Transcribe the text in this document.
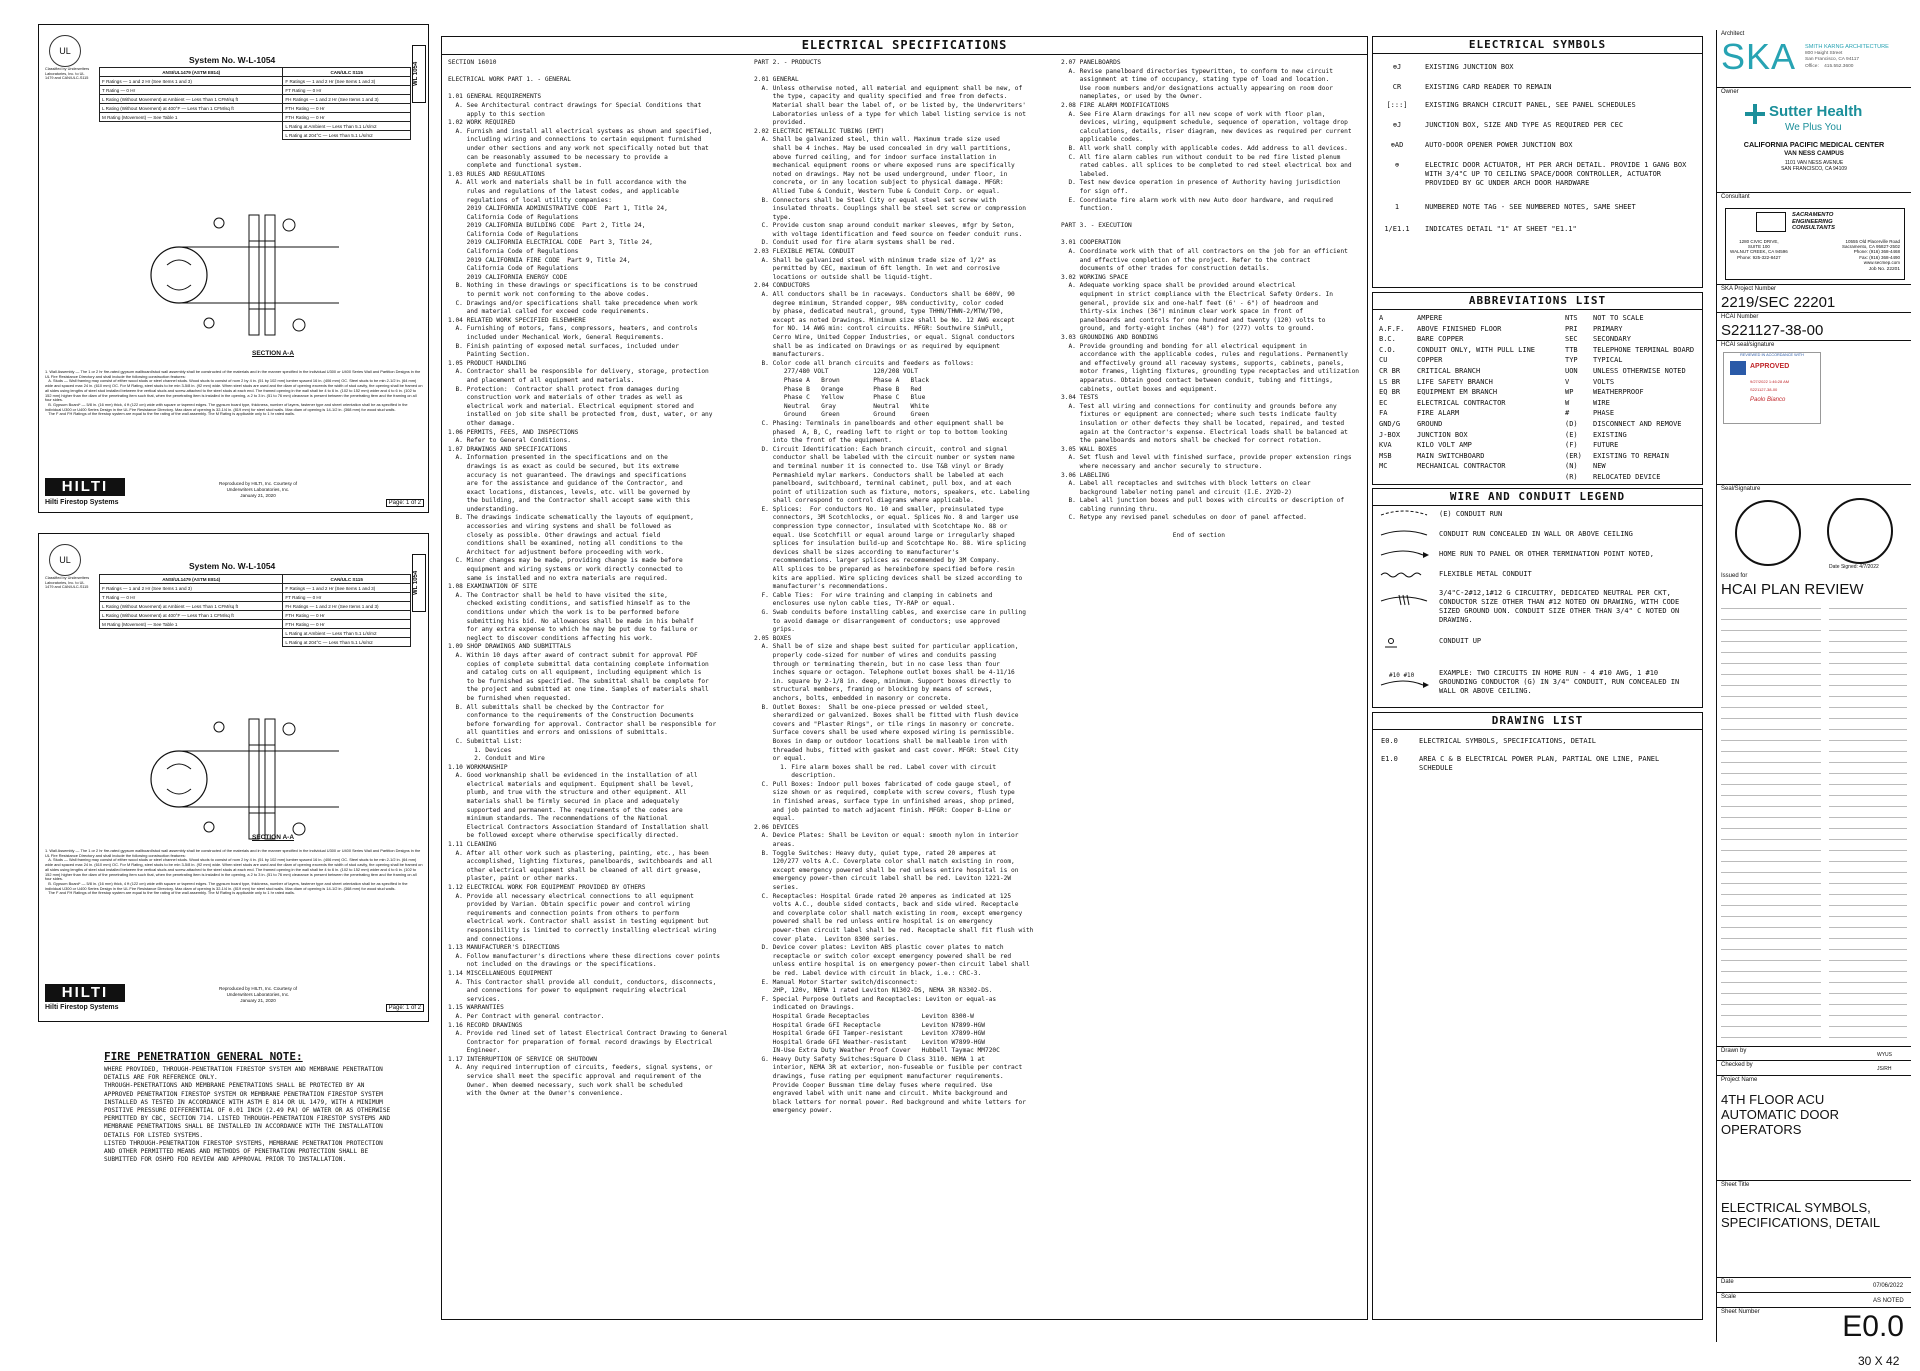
UL
Classified by Underwriters Laboratories, Inc. to UL 1479 and CAN/ULC-S115
System No. W-L-1054
WL 1054
ANSI/UL1479 (ASTM E814)	CAN/ULC S115
F Ratings — 1 and 2 Hr (See Items 1 and 3)	F Ratings — 1 and 2 Hr (See Items 1 and 3)
T Rating — 0 Hr	FT Rating — 0 Hr
L Rating (Without Movement) at Ambient — Less Than 1 CFM/sq ft	FH Ratings — 1 and 2 Hr (See Items 1 and 3)
L Rating (Without Movement) at 400°F — Less Than 1 CFM/sq ft	FTH Rating — 0 Hr
M Rating (Movement) — See Table 1	FTH Rating — 0 Hr
	L Rating at Ambient — Less Than 5.1 L/s/m2
	L Rating at 204°C — Less Than 5.1 L/s/m2
SECTION A-A
1. Wall Assembly — The 1 or 2 hr fire-rated gypsum wallboard/stud wall assembly shall be constructed of the materials and in the manner specified in the individual U300 or U400 Series Wall and Partition Designs in the UL Fire Resistance Directory and shall include the following construction features:
A. Studs — Wall framing may consist of either wood studs or steel channel studs. Wood studs to consist of nom 2 by 4 in. (51 by 102 mm) lumber spaced 16 in. (406 mm) OC. Steel studs to be min 2-1/2 in. (64 mm) wide and spaced max 24 in. (610 mm) OC. For M Rating, steel studs to be min 3-5/8 in. (92 mm) wide. When steel studs are used and the diam of opening exceeds the width of stud cavity, the opening shall be framed on all sides using lengths of steel stud installed between the vertical studs and screw-attached to the steel studs at each end. The framed opening in the wall shall be 4 to 6 in. (102 to 152 mm) wider and 4 to 6 in. (102 to 152 mm) higher than the diam of the penetrating item such that, when the penetrating item is installed in the opening, a 2 to 3 in. (51 to 76 mm) clearance is present between the penetrating item and the framing on all four sides.
B. Gypsum Board* — 5/8 in. (16 mm) thick, 4 ft (122 cm) wide with square or tapered edges. The gypsum board type, thickness, number of layers, fastener type and sheet orientation shall be as specified in the individual U300 or U400 Series Design in the UL Fire Resistance Directory. Max diam of opening is 32-1/4 in. (819 mm) for steel stud walls. Max diam of opening is 14-1/2 in. (368 mm) for wood stud walls.
The F and FH Ratings of the firestop system are equal to the fire rating of the wall assembly. The M Rating is applicable only to 1 hr rated walls.
HILTI
Hilti Firestop Systems
Reproduced by HILTI, Inc. Courtesy of
Underwriters Laboratories, Inc.
January 21, 2020
Page: 1 of 2
UL
Classified by Underwriters Laboratories, Inc. to UL 1479 and CAN/ULC-S115
System No. W-L-1054
WL 1054
ANSI/UL1479 (ASTM E814)	CAN/ULC S115
F Ratings — 1 and 2 Hr (See Items 1 and 3)	F Ratings — 1 and 2 Hr (See Items 1 and 3)
T Rating — 0 Hr	FT Rating — 0 Hr
L Rating (Without Movement) at Ambient — Less Than 1 CFM/sq ft	FH Ratings — 1 and 2 Hr (See Items 1 and 3)
L Rating (Without Movement) at 400°F — Less Than 1 CFM/sq ft	FTH Rating — 0 Hr
M Rating (Movement) — See Table 1	FTH Rating — 0 Hr
	L Rating at Ambient — Less Than 5.1 L/s/m2
	L Rating at 204°C — Less Than 5.1 L/s/m2
SECTION A-A
1. Wall Assembly — The 1 or 2 hr fire-rated gypsum wallboard/stud wall assembly shall be constructed of the materials and in the manner specified in the individual U300 or U400 Series Wall and Partition Designs in the UL Fire Resistance Directory and shall include the following construction features:
A. Studs — Wall framing may consist of either wood studs or steel channel studs. Wood studs to consist of nom 2 by 4 in. (51 by 102 mm) lumber spaced 16 in. (406 mm) OC. Steel studs to be min 2-1/2 in. (64 mm) wide and spaced max 24 in. (610 mm) OC. For M Rating, steel studs to be min 3-5/8 in. (92 mm) wide. When steel studs are used and the diam of opening exceeds the width of stud cavity, the opening shall be framed on all sides using lengths of steel stud installed between the vertical studs and screw-attached to the steel studs at each end. The framed opening in the wall shall be 4 to 6 in. (102 to 152 mm) wider and 4 to 6 in. (102 to 152 mm) higher than the diam of the penetrating item such that, when the penetrating item is installed in the opening, a 2 to 3 in. (51 to 76 mm) clearance is present between the penetrating item and the framing on all four sides.
B. Gypsum Board* — 5/8 in. (16 mm) thick, 4 ft (122 cm) wide with square or tapered edges. The gypsum board type, thickness, number of layers, fastener type and sheet orientation shall be as specified in the individual U300 or U400 Series Design in the UL Fire Resistance Directory. Max diam of opening is 32-1/4 in. (819 mm) for steel stud walls. Max diam of opening is 14-1/2 in. (368 mm) for wood stud walls.
The F and FH Ratings of the firestop system are equal to the fire rating of the wall assembly. The M Rating is applicable only to 1 hr rated walls.
HILTI
Hilti Firestop Systems
Reproduced by HILTI, Inc. Courtesy of
Underwriters Laboratories, Inc.
January 21, 2020
Page: 1 of 2
FIRE PENETRATION GENERAL NOTE:
WHERE PROVIDED, THROUGH-PENETRATION FIRESTOP SYSTEM AND MEMBRANE PENETRATION
DETAILS ARE FOR REFERENCE ONLY.
THROUGH-PENETRATIONS AND MEMBRANE PENETRATIONS SHALL BE PROTECTED BY AN
APPROVED PENETRATION FIRESTOP SYSTEM OR MEMBRANE PENETRATION FIRESTOP SYSTEM
INSTALLED AS TESTED IN ACCORDANCE WITH ASTM E 814 OR UL 1479, WITH A MINIMUM
POSITIVE PRESSURE DIFFERENTIAL OF 0.01 INCH (2.49 PA) OF WATER OR AS OTHERWISE
PERMITTED BY CBC, SECTION 714. LISTED THROUGH-PENETRATION FIRESTOP SYSTEMS AND
MEMBRANE PENETRATIONS SHALL BE INSTALLED IN ACCORDANCE WITH THE INSTALLATION
DETAILS FOR LISTED SYSTEMS.
LISTED THROUGH-PENETRATION FIRESTOP SYSTEMS, MEMBRANE PENETRATION PROTECTION
AND OTHER PERMITTED MEANS AND METHODS OF PENETRATION PROTECTION SHALL BE
SUBMITTED FOR OSHPD FDD REVIEW AND APPROVAL PRIOR TO INSTALLATION.
ELECTRICAL SPECIFICATIONS
SECTION 16010

ELECTRICAL WORK PART 1. - GENERAL

1.01 GENERAL REQUIREMENTS
A. See Architectural contract drawings for Special Conditions that
apply to this section
1.02 WORK REQUIRED
A. Furnish and install all electrical systems as shown and specified,
including wiring and connections to certain equipment furnished
under other sections and any work not specifically noted but that
can be reasonably assumed to be necessary to provide a
complete and functional system.
1.03 RULES AND REGULATIONS
A. All work and materials shall be in full accordance with the
rules and regulations of the latest codes, and applicable
regulations of local utility companies:
2019 CALIFORNIA ADMINISTRATIVE CODE  Part 1, Title 24,
California Code of Regulations
2019 CALIFORNIA BUILDING CODE  Part 2, Title 24,
California Code of Regulations
2019 CALIFORNIA ELECTRICAL CODE  Part 3, Title 24,
California Code of Regulations
2019 CALIFORNIA FIRE CODE  Part 9, Title 24,
California Code of Regulations
2019 CALIFORNIA ENERGY CODE
B. Nothing in these drawings or specifications is to be construed
to permit work not conforming to the above codes.
C. Drawings and/or specifications shall take precedence when work
and material called for exceed code requirements.
1.04 RELATED WORK SPECIFIED ELSEWHERE
A. Furnishing of motors, fans, compressors, heaters, and controls
included under Mechanical Work, General Requirements.
B. Finish painting of exposed metal surfaces, included under
Painting Section.
1.05 PRODUCT HANDLING
A. Contractor shall be responsible for delivery, storage, protection
and placement of all equipment and materials.
B. Protection:  Contractor shall protect from damages during
construction work and materials of other trades as well as
electrical work and material. Electrical equipment stored and
installed on job site shall be protected from, dust, water, or any
other damage.
1.06 PERMITS, FEES, AND INSPECTIONS
A. Refer to General Conditions.
1.07 DRAWINGS AND SPECIFICATIONS
A. Information presented in the specifications and on the
drawings is as exact as could be secured, but its extreme
accuracy is not guaranteed. The drawings and specifications
are for the assistance and guidance of the Contractor, and
exact locations, distances, levels, etc. will be governed by
the building, and the Contractor shall accept same with this
understanding.
B. The drawings indicate schematically the layouts of equipment,
accessories and wiring systems and shall be followed as
closely as possible. Other drawings and actual field
conditions shall be examined, noting all conditions to the
Architect for adjustment before proceeding with work.
C. Minor changes may be made, providing change is made before
equipment and wiring systems or work directly connected to
same is installed and no extra materials are required.
1.08 EXAMINATION OF SITE
A. The Contractor shall be held to have visited the site,
checked existing conditions, and satisfied himself as to the
conditions under which the work is to be performed before
submitting his bid. No allowances shall be made in his behalf
for any extra expense to which he may be put due to failure or
neglect to discover conditions affecting his work.
1.09 SHOP DRAWINGS AND SUBMITTALS
A. Within 10 days after award of contract submit for approval PDF
copies of complete submittal data containing complete information
and catalog cuts on all equipment, including equipment which is
to be furnished as specified. The submittal shall be complete for
the project and submitted at one time. Samples of materials shall
be furnished when requested.
B. All submittals shall be checked by the Contractor for
conformance to the requirements of the Construction Documents
before forwarding for approval. Contractor shall be responsible for
all quantities and errors and omissions of submittals.
C. Submittal List:
1. Devices
2. Conduit and Wire
1.10 WORKMANSHIP
A. Good workmanship shall be evidenced in the installation of all
electrical materials and equipment. Equipment shall be level,
plumb, and true with the structure and other equipment. All
materials shall be firmly secured in place and adequately
supported and permanent. The requirements of the codes are
minimum standards. The recommendations of the National
Electrical Contractors Association Standard of Installation shall
be followed except where otherwise specifically directed.
1.11 CLEANING
A. After all other work such as plastering, painting, etc., has been
accomplished, lighting fixtures, panelboards, switchboards and all
other electrical equipment shall be cleaned of all dirt grease,
plaster, paint or other marks.
1.12 ELECTRICAL WORK FOR EQUIPMENT PROVIDED BY OTHERS
A. Provide all necessary electrical connections to all equipment
provided by Varian. Obtain specific power and control wiring
requirements and connection points from others to perform
electrical work. Contractor shall assist in testing equipment but
responsibility is limited to correctly installing electrical wiring
and connections.
1.13 MANUFACTURER'S DIRECTIONS
A. Follow manufacturer's directions where these directions cover points
not included on the drawings or the specifications.
1.14 MISCELLANEOUS EQUIPMENT
A. This Contractor shall provide all conduit, conductors, disconnects,
and connections for power to equipment requiring electrical
services.
1.15 WARRANTIES
A. Per Contract with general contractor.
1.16 RECORD DRAWINGS
A. Provide red lined set of latest Electrical Contract Drawing to General
Contractor for preparation of formal record drawings by Electrical
Engineer.
1.17 INTERRUPTION OF SERVICE OR SHUTDOWN
A. Any required interruption of circuits, feeders, signal systems, or
service shall meet the specific approval and requirement of the
Owner. When deemed necessary, such work shall be scheduled
with the Owner at the Owner's convenience.
PART 2. - PRODUCTS

2.01 GENERAL
A. Unless otherwise noted, all material and equipment shall be new, of
the type, capacity and quality specified and free from defects.
Material shall bear the label of, or be listed by, the Underwriters'
Laboratories unless of a type for which label listing service is not
provided.
2.02 ELECTRIC METALLIC TUBING (EMT)
A. Shall be galvanized steel, thin wall. Maximum trade size used
shall be 4 inches. May be used concealed in dry wall partitions,
above furred ceiling, and for indoor surface installation in
mechanical equipment rooms or where exposed runs are specifically
noted on drawings. May not be used underground, under floor, in
concrete, or in any location subject to physical damage. MFGR:
Allied Tube & Conduit, Western Tube & Conduit Corp. or equal.
B. Connectors shall be Steel City or equal steel set screw with
insulated throats. Couplings shall be steel set screw or compression
type.
C. Provide custom snap around conduit marker sleeves, mfgr by Seton,
with voltage identification and feed source on feeder conduit runs.
D. Conduit used for fire alarm systems shall be red.
2.03 FLEXIBLE METAL CONDUIT
A. Shall be galvanized steel with minimum trade size of 1/2" as
permitted by CEC, maximum of 6ft length. In wet and corrosive
locations or outside shall be liquid-tight.
2.04 CONDUCTORS
A. All conductors shall be in raceways. Conductors shall be 600V, 90
degree minimum, Stranded copper, 98% conductivity, color coded
by phase, dedicated neutral, ground, type THHN/THWN-2/MTW/T90,
except as noted Drawings. Minimum size shall be No. 12 AWG except
for NO. 14 AWG min: control circuits. MFGR: Southwire SimPull,
Cerro Wire, United Copper Industries, or equal. Signal conductors
shall be as indicated on Drawings or as required by equipment
manufacturers.
B. Color code all branch circuits and feeders as follows:
277/480 VOLT            120/208 VOLT
Phase A   Brown         Phase A   Black
Phase B   Orange        Phase B   Red
Phase C   Yellow        Phase C   Blue
Neutral   Gray          Neutral   White
Ground    Green         Ground    Green
C. Phasing: Terminals in panelboards and other equipment shall be
phased  A, B, C, reading left to right or top to bottom looking
into the front of the equipment.
D. Circuit Identification: Each branch circuit, control and signal
conductor shall be labeled with the circuit number or system name
and terminal number it is connected to. Use T&B vinyl or Brady
Permashield mylar markers. Conductors shall be labeled at each
panelboard, switchboard, terminal cabinet, pull box, and at each
point of utilization such as fixture, motors, speakers, etc. Labeling
shall correspond to control diagrams where applicable.
E. Splices:  For conductors No. 10 and smaller, preinsulated type
connectors, 3M Scotchlocks, or equal. Splices No. 8 and larger use
compression type connector, insulated with Scotchtape No. 88 or
equal. Use Scotchfill or equal around large or irregularly shaped
splices for insulation build-up and Scotchtape No. 88. Wire splicing
devices shall be sizes according to manufacturer's
recommendations. larger splices as recommended by 3M Company.
All splices to be prepared as hereinbefore specified before resin
kits are applied. Wire splicing devices shall be sized according to
manufacturer's recommendations.
F. Cable Ties:  For wire training and clamping in cabinets and
enclosures use nylon cable ties, TY-RAP or equal.
G. Swab conduits before installing cables, and exercise care in pulling
to avoid damage or disarrangement of conductors; use approved
grips.
2.05 BOXES
A. Shall be of size and shape best suited for particular application,
properly code-sized for number of wires and conduits passing
through or terminating therein, but in no case less than four
inches square or octagon. Telephone outlet boxes shall be 4-11/16
in. square by 2-1/8 in. deep, minimum. Support boxes directly to
structural members, framing or blocking by means of screws,
anchors, bolts, embedded in masonry or concrete.
B. Outlet Boxes:  Shall be one-piece pressed or welded steel,
sherardized or galvanized. Boxes shall be fitted with flush device
covers and "Plaster Rings", or tile rings in masonry or concrete.
Surface covers shall be used where exposed wiring is permissible.
Boxes in damp or outdoor locations shall be malleable iron with
threaded hubs, fitted with gasket and cast cover. MFGR: Steel City
or equal.
1. Fire alarm boxes shall be red. Label cover with circuit
description.
C. Pull Boxes: Indoor pull boxes fabricated of code gauge steel, of
size shown or as required, complete with screw covers, flush type
in finished areas, surface type in unfinished areas, shop primed,
and job painted to match adjacent finish. MFGR: Cooper B-Line or
equal.
2.06 DEVICES
A. Device Plates: Shall be Leviton or equal: smooth nylon in interior
areas.
B. Toggle Switches: Heavy duty, quiet type, rated 20 amperes at
120/277 volts A.C. Coverplate color shall match existing in room,
except emergency powered shall be red unless entire hospital is on
emergency power-then circuit label shall be red. Leviton 1221-2W
series.
C. Receptacles: Hospital Grade rated 20 amperes as indicated at 125
volts A.C., double sided contacts, back and side wired. Receptacle
and coverplate color shall match existing in room, except emergency
powered shall be red unless entire hospital is on emergency
power-then circuit label shall be red. Receptacle shall fit flush with
cover plate.  Leviton 8300 series.
D. Device cover plates: Leviton ABS plastic cover plates to match
receptacle or switch color except emergency powered shall be red
unless entire hospital is on emergency power-then circuit label shall
be red. Label device with circuit in black, i.e.: CRC-3.
E. Manual Motor Starter switch/disconnect:
2HP, 120v, NEMA 1 rated Leviton N1302-DS, NEMA 3R N3302-DS.
F. Special Purpose Outlets and Receptacles: Leviton or equal-as
indicated on Drawings.
Hospital Grade Receptacles              Leviton 8300-W
Hospital Grade GFI Receptacle           Leviton N7899-HGW
Hospital Grade GFI Tamper-resistant     Leviton X7899-HGW
Hospital Grade GFI Weather-resistant    Leviton W7899-HGW
IN-Use Extra Duty Weather Proof Cover   Hubbell Taymac MM720C
G. Heavy Duty Safety Switches:Square D Class 3110. NEMA 1 at
interior, NEMA 3R at exterior, non-fuseable or fusible per contract
drawings, fuse rating per equipment manufacturer requirements.
Provide Cooper Bussman time delay fuses where required. Use
engraved label with unit name and circuit. White background and
black letters for normal power. Red background and white letters for
emergency power.
2.07 PANELBOARDS
A. Revise panelboard directories typewritten, to conform to new circuit
assignment at time of occupancy, stating type of load and location.
Use room numbers and/or designations actually appearing on room door
nameplates, or used by the Owner.
2.08 FIRE ALARM MODIFICATIONS
A. See Fire Alarm drawings for all new scope of work with floor plan,
devices, wiring, equipment schedule, sequence of operation, voltage drop
calculations, details, riser diagram, new devices as required per current
applicable codes.
B. All work shall comply with applicable codes. Add address to all devices.
C. All fire alarm cables run without conduit to be red fire listed plenum
rated cables. all splices to be completed to red steel electrical box and
labeled.
D. Test new device operation in presence of Authority having jurisdiction
for sign off.
E. Coordinate fire alarm work with new Auto door hardware, and required
function.

PART 3. - EXECUTION

3.01 COOPERATION
A. Coordinate work with that of all contractors on the job for an efficient
and effective completion of the project. Refer to the contract
documents of other trades for construction details.
3.02 WORKING SPACE
A. Adequate working space shall be provided around electrical
equipment in strict compliance with the Electrical Safety Orders. In
general, provide six and one-half feet (6' - 6") of headroom and
thirty-six inches (36") minimum clear work space in front of
panelboards and controls for one hundred and twenty (120) volts to
ground, and forty-eight inches (48") for (277) volts to ground.
3.03 GROUNDING AND BONDING
A. Provide grounding and bonding for all electrical equipment in
accordance with the applicable codes, rules and regulations. Permanently
and effectively ground all raceway systems, supports, cabinets, panels,
motor frames, lighting fixtures, grounding type receptacles and utilization
apparatus. Obtain good contact between conduit, tubing and fittings,
cabinets, outlet boxes and equipment.
3.04 TESTS
A. Test all wiring and connections for continuity and grounds before any
fixtures or equipment are connected; where such tests indicate faulty
insulation or other defects they shall be located, repaired, and tested
again at the Contractor's expense. Electrical loads shall be balanced at
the panelboards and motors shall be checked for correct rotation.
3.05 WALL BOXES
A. Set flush and level with finished surface, provide proper extension rings
where necessary and anchor securely to structure.
3.06 LABELING
A. Label all receptacles and switches with block letters on clear
background labeler noting panel and circuit (I.E. 2Y2D-2)
B. Label all junction boxes and pull boxes with circuits or description of
cabling running thru.
C. Retype any revised panel schedules on door of panel affected.

End of section
ELECTRICAL SYMBOLS
⊕J	EXISTING JUNCTION BOX
CR	EXISTING CARD READER TO REMAIN
[:::]	EXISTING BRANCH CIRCUIT PANEL, SEE PANEL SCHEDULES
⊕J	JUNCTION BOX, SIZE AND TYPE AS REQUIRED PER CEC
⊕AD	AUTO-DOOR OPENER POWER JUNCTION BOX
⊕	ELECTRIC DOOR ACTUATOR, HT PER ARCH DETAIL. PROVIDE 1 GANG BOX WITH 3/4"C UP TO CEILING SPACE/DOOR CONTROLLER, ACTUATOR PROVIDED BY GC UNDER ARCH DOOR HARDWARE
1	NUMBERED NOTE TAG - SEE NUMBERED NOTES, SAME SHEET
1/E1.1	INDICATES DETAIL "1" AT SHEET "E1.1"
ABBREVIATIONS LIST
A	AMPERE
A.F.F. ABOVE FINISHED FLOOR
B.C.	BARE COPPER
C.O.	CONDUIT ONLY, WITH PULL LINE
CU	COPPER
CR BR CRITICAL BRANCH
LS BR LIFE SAFETY BRANCH
EQ BR EQUIPMENT EM BRANCH
EC	ELECTRICAL CONTRACTOR
FA	FIRE ALARM
GND/G GROUND
J-BOX JUNCTION BOX
KVA	KILO VOLT AMP
MSB	MAIN SWITCHBOARD
MC	MECHANICAL CONTRACTOR
NTS NOT TO SCALE
PRI PRIMARY
SEC SECONDARY
TTB TELEPHONE TERMINAL BOARD
TYP TYPICAL
UON UNLESS OTHERWISE NOTED
V	VOLTS
WP	WEATHERPROOF
W	WIRE
#	PHASE
(D) DISCONNECT AND REMOVE
(E) EXISTING
(F) FUTURE
(ER) EXISTING TO REMAIN
(N) NEW
(R) RELOCATED DEVICE
WIRE AND CONDUIT LEGEND
#10 #10
(E) CONDUIT RUN
CONDUIT RUN CONCEALED IN WALL OR ABOVE CEILING
HOME RUN TO PANEL OR OTHER TERMINATION POINT NOTED,
FLEXIBLE METAL CONDUIT
3/4"C-2#12,1#12 G CIRCUITRY, DEDICATED NEUTRAL PER CKT, CONDUCTOR SIZE OTHER THAN #12 NOTED ON DRAWING, WITH CODE SIZED GROUND UON. CONDUIT SIZE OTHER THAN 3/4" C NOTED ON DRAWING.
CONDUIT UP
EXAMPLE: TWO CIRCUITS IN HOME RUN - 4 #10 AWG, 1 #10 GROUNDING CONDUCTOR (G) IN 3/4" CONDUIT, RUN CONCEALED IN WALL OR ABOVE CEILING.
DRAWING LIST
E0.0	ELECTRICAL SYMBOLS, SPECIFICATIONS, DETAIL
E1.0	AREA C & B ELECTRICAL POWER PLAN, PARTIAL ONE LINE, PANEL SCHEDULE
Architect
SKA SMITH KARNG ARCHITECTURE
800 Haight Street
San Francisco, CA 94117
Office:    415.552.3600
Owner
Sutter Health
We Plus You
CALIFORNIA PACIFIC MEDICAL CENTER
VAN NESS CAMPUS
1101 VAN NESS AVENUE
SAN FRANCISCO, CA 94109
Consultant
SACRAMENTO
ENGINEERING
CONSULTANTS
1280 CIVIC DRIVE,
SUITE 100
WALNUT CREEK, CA 94596
Phone: 925-322-8427
10555 Old Placerville Road
Sacramento, CA 95827-2502
Phone: (916) 368-4468
Fax: (916) 368-4490
www.secmep.com
Job No. 22201
SKA Project Number
2219/SEC 22201
HCAI Number
S221127-38-00
HCAI seal/signature
REVIEWED IN ACCORDANCE WITH
APPROVED
9/27/2022 1:46:28 AM
S221127-38-00
Paolo Bianco
Seal/Signature
Date Signed: 4/7/2022
Issued for
HCAI PLAN REVIEW
Drawn by
WYUS
Checked by
JS/RH
Project Name
4TH FLOOR ACU
AUTOMATIC DOOR
OPERATORS
Sheet Title
ELECTRICAL SYMBOLS,
SPECIFICATIONS, DETAIL
Date
07/06/2022
Scale
AS NOTED
Sheet Number	E0.0
30 X 42
